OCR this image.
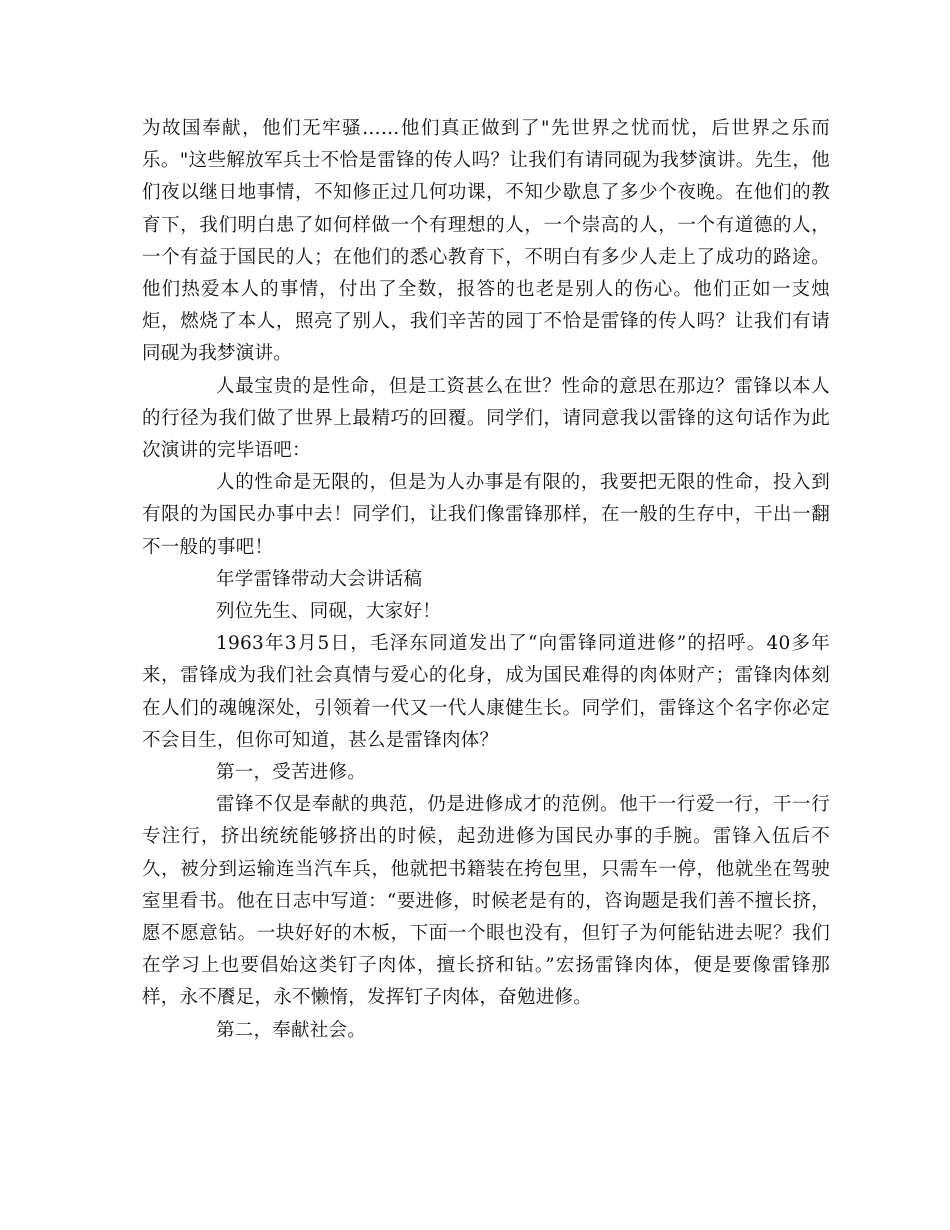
为故国奉献，他们无牢骚……他们真正做到了"先世界之忧而忧，后世界之乐而乐。"这些解放军兵士不恰是雷锋的传人吗？让我们有请同砚为我梦演讲。先生，他们夜以继日地事情，不知修正过几何功课，不知少歇息了多少个夜晚。在他们的教育下，我们明白患了如何样做一个有理想的人，一个崇高的人，一个有道德的人，一个有益于国民的人；在他们的悉心教育下，不明白有多少人走上了成功的路途。他们热爱本人的事情，付出了全数，报答的也老是别人的伤心。他们正如一支烛炬，燃烧了本人，照亮了别人，我们辛苦的园丁不恰是雷锋的传人吗？让我们有请同砚为我梦演讲。

人最宝贵的是性命，但是工资甚么在世？性命的意思在那边？雷锋以本人的行径为我们做了世界上最精巧的回覆。同学们，请同意我以雷锋的这句话作为此次演讲的完毕语吧：

人的性命是无限的，但是为人办事是有限的，我要把无限的性命，投入到有限的为国民办事中去！同学们，让我们像雷锋那样，在一般的生存中，干出一翻不一般的事吧！

年学雷锋带动大会讲话稿

列位先生、同砚，大家好！

1963年3月5日，毛泽东同道发出了“向雷锋同道进修”的招呼。40多年来，雷锋成为我们社会真情与爱心的化身，成为国民难得的肉体财产；雷锋肉体刻在人们的魂魄深处，引领着一代又一代人康健生长。同学们，雷锋这个名字你必定不会目生，但你可知道，甚么是雷锋肉体？

第一，受苦进修。

雷锋不仅是奉献的典范，仍是进修成才的范例。他干一行爱一行，干一行专注行，挤出统统能够挤出的时候，起劲进修为国民办事的手腕。雷锋入伍后不久，被分到运输连当汽车兵，他就把书籍装在挎包里，只需车一停，他就坐在驾驶室里看书。他在日志中写道：“要进修，时候老是有的，咨询题是我们善不擅长挤，愿不愿意钻。一块好好的木板，下面一个眼也没有，但钉子为何能钻进去呢？我们在学习上也要倡始这类钉子肉体，擅长挤和钻。”宏扬雷锋肉体，便是要像雷锋那样，永不餍足，永不懒惰，发挥钉子肉体，奋勉进修。

第二，奉献社会。
